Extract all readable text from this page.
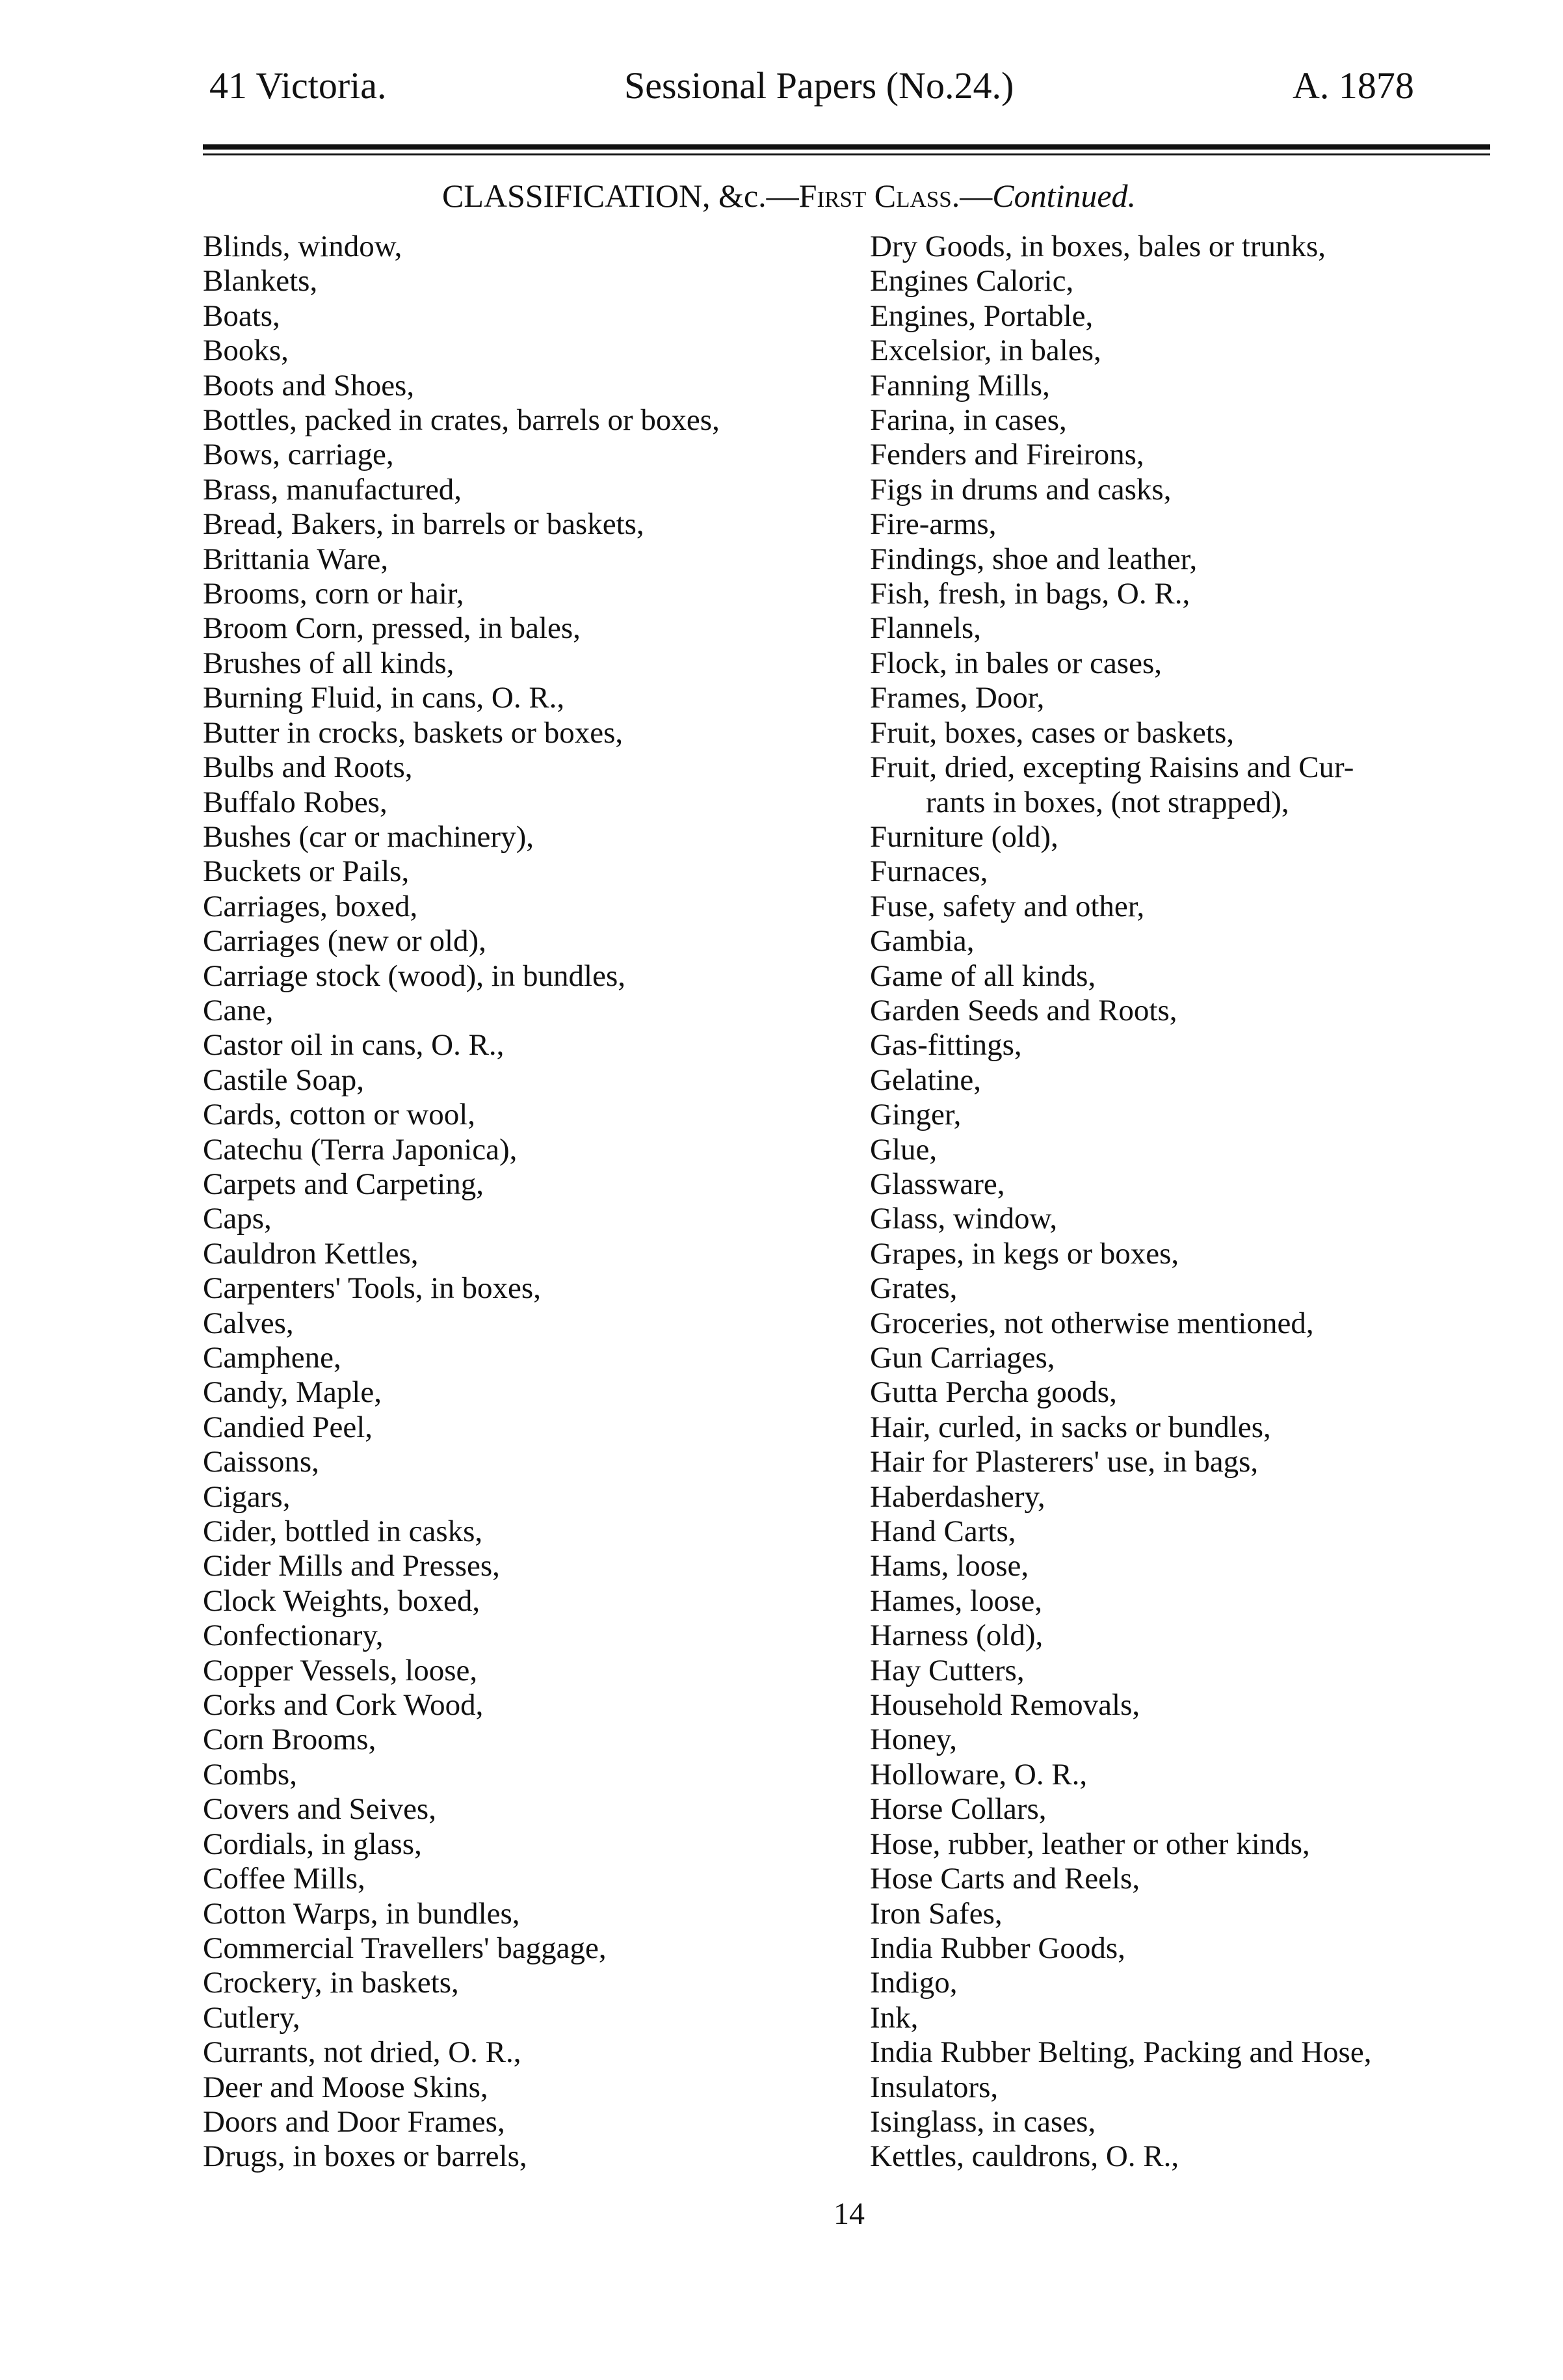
41 Victoria.	Sessional Papers (No.24.)	A. 1878
CLASSIFICATION, &c.—First Class.—Continued.
Blinds, window,
Blankets,
Boats,
Books,
Boots and Shoes,
Bottles, packed in crates, barrels or boxes,
Bows, carriage,
Brass, manufactured,
Bread, Bakers, in barrels or baskets,
Brittania Ware,
Brooms, corn or hair,
Broom Corn, pressed, in bales,
Brushes of all kinds,
Burning Fluid, in cans, O. R.,
Butter in crocks, baskets or boxes,
Bulbs and Roots,
Buffalo Robes,
Bushes (car or machinery),
Buckets or Pails,
Carriages, boxed,
Carriages (new or old),
Carriage stock (wood), in bundles,
Cane,
Castor oil in cans, O. R.,
Castile Soap,
Cards, cotton or wool,
Catechu (Terra Japonica),
Carpets and Carpeting,
Caps,
Cauldron Kettles,
Carpenters' Tools, in boxes,
Calves,
Camphene,
Candy, Maple,
Candied Peel,
Caissons,
Cigars,
Cider, bottled in casks,
Cider Mills and Presses,
Clock Weights, boxed,
Confectionary,
Copper Vessels, loose,
Corks and Cork Wood,
Corn Brooms,
Combs,
Covers and Seives,
Cordials, in glass,
Coffee Mills,
Cotton Warps, in bundles,
Commercial Travellers' baggage,
Crockery, in baskets,
Cutlery,
Currants, not dried, O. R.,
Deer and Moose Skins,
Doors and Door Frames,
Drugs, in boxes or barrels,
Dry Goods, in boxes, bales or trunks,
Engines Caloric,
Engines, Portable,
Excelsior, in bales,
Fanning Mills,
Farina, in cases,
Fenders and Fireirons,
Figs in drums and casks,
Fire-arms,
Findings, shoe and leather,
Fish, fresh, in bags, O. R.,
Flannels,
Flock, in bales or cases,
Frames, Door,
Fruit, boxes, cases or baskets,
Fruit, dried, excepting Raisins and Cur-
rants in boxes, (not strapped),
Furniture (old),
Furnaces,
Fuse, safety and other,
Gambia,
Game of all kinds,
Garden Seeds and Roots,
Gas-fittings,
Gelatine,
Ginger,
Glue,
Glassware,
Glass, window,
Grapes, in kegs or boxes,
Grates,
Groceries, not otherwise mentioned,
Gun Carriages,
Gutta Percha goods,
Hair, curled, in sacks or bundles,
Hair for Plasterers' use, in bags,
Haberdashery,
Hand Carts,
Hams, loose,
Hames, loose,
Harness (old),
Hay Cutters,
Household Removals,
Honey,
Holloware, O. R.,
Horse Collars,
Hose, rubber, leather or other kinds,
Hose Carts and Reels,
Iron Safes,
India Rubber Goods,
Indigo,
Ink,
India Rubber Belting, Packing and Hose,
Insulators,
Isinglass, in cases,
Kettles, cauldrons, O. R.,
14
